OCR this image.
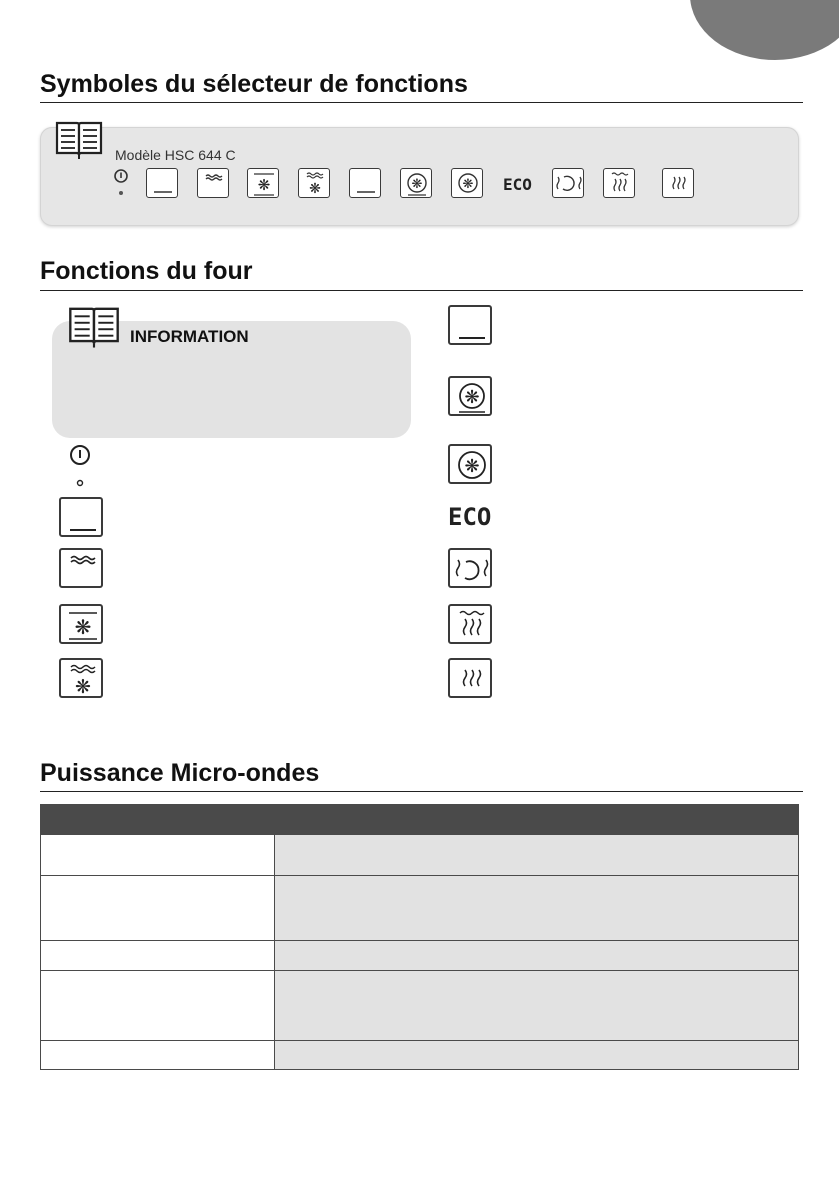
Symboles du sélecteur de fonctions
Modèle HSC 644 C
❋	❋	❋	❋ ECO
Fonctions du four
INFORMATION
❋
❋
❋
❋
ECO
Puissance Micro-ondes
